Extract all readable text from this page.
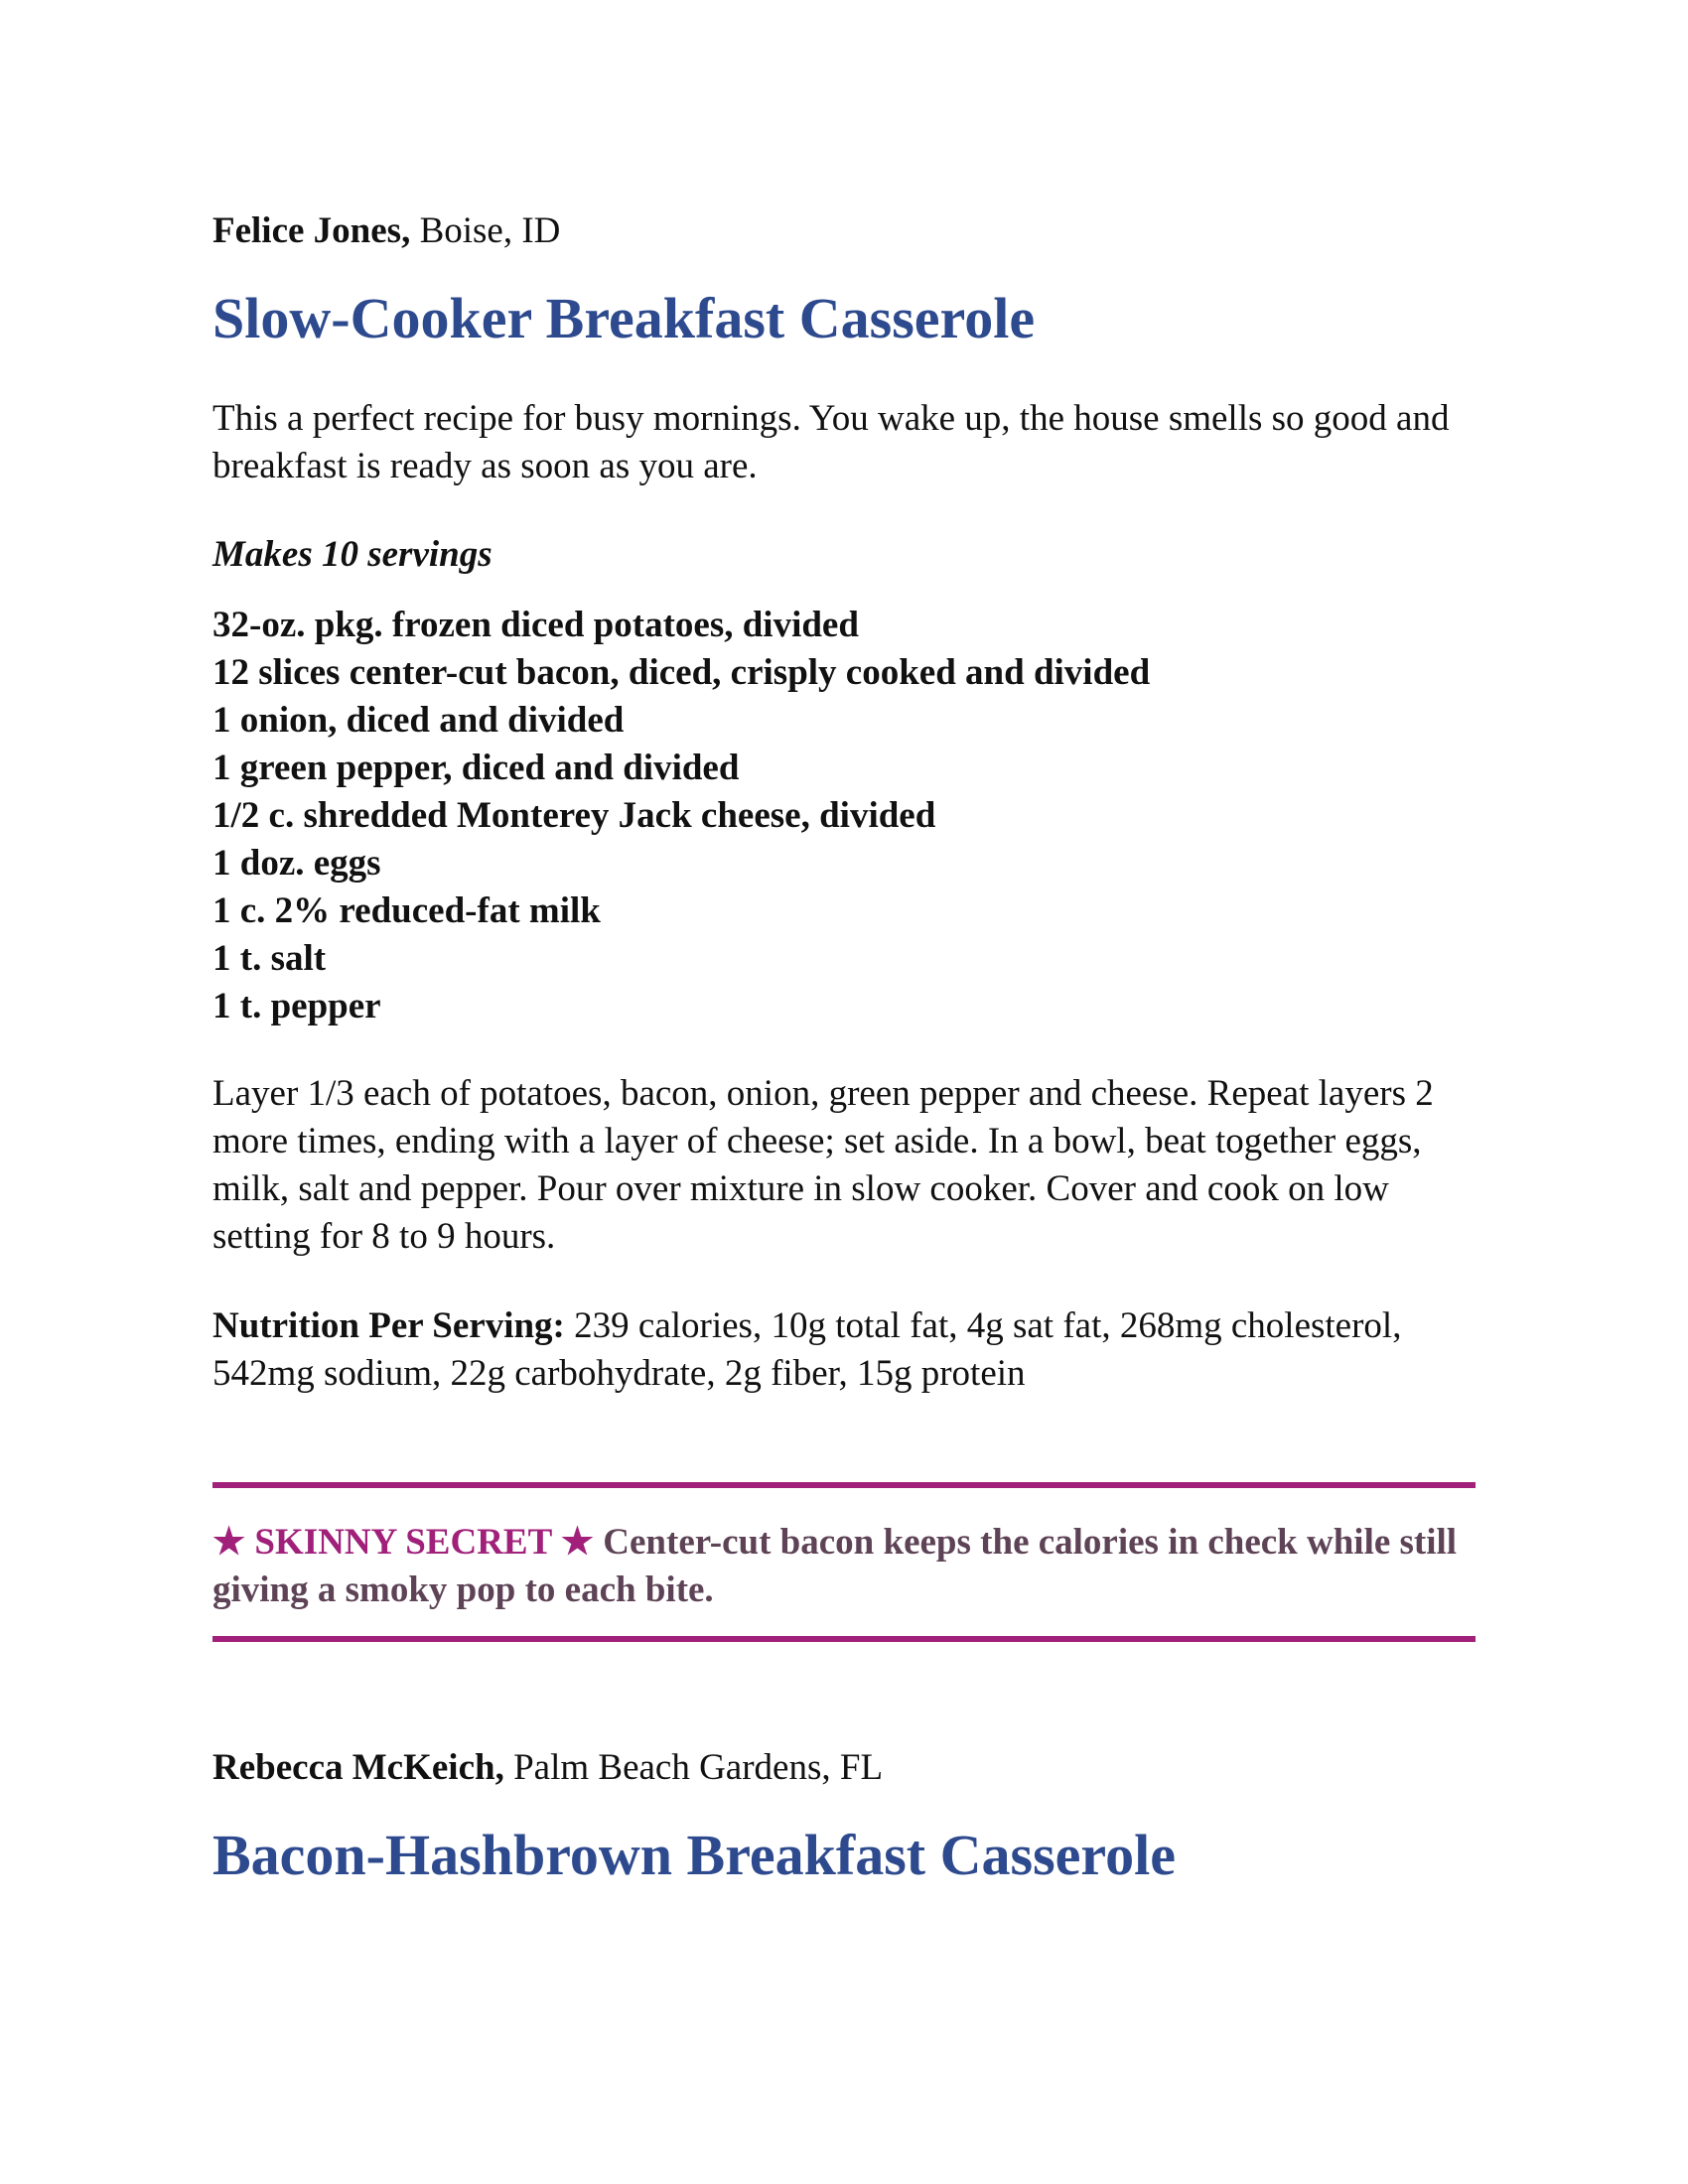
Felice Jones, Boise, ID

Slow-Cooker Breakfast Casserole

This a perfect recipe for busy mornings. You wake up, the house smells so good and breakfast is ready as soon as you are.

Makes 10 servings

32-oz. pkg. frozen diced potatoes, divided
12 slices center-cut bacon, diced, crisply cooked and divided
1 onion, diced and divided
1 green pepper, diced and divided
1/2 c. shredded Monterey Jack cheese, divided
1 doz. eggs
1 c. 2% reduced-fat milk
1 t. salt
1 t. pepper

Layer 1/3 each of potatoes, bacon, onion, green pepper and cheese. Repeat layers 2 more times, ending with a layer of cheese; set aside. In a bowl, beat together eggs, milk, salt and pepper. Pour over mixture in slow cooker. Cover and cook on low setting for 8 to 9 hours.

Nutrition Per Serving: 239 calories, 10g total fat, 4g sat fat, 268mg cholesterol, 542mg sodium, 22g carbohydrate, 2g fiber, 15g protein

★ SKINNY SECRET ★ Center-cut bacon keeps the calories in check while still giving a smoky pop to each bite.

Rebecca McKeich, Palm Beach Gardens, FL

Bacon-Hashbrown Breakfast Casserole
